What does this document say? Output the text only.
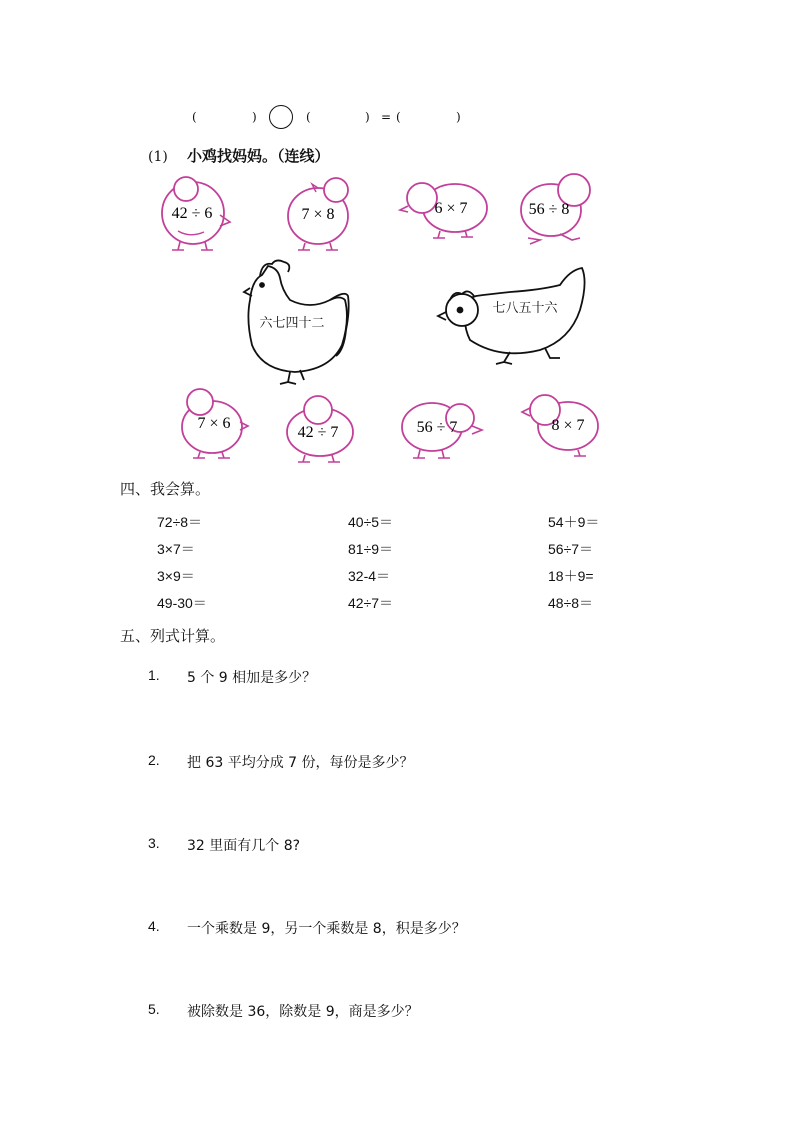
(	)	(	) = (	)
(1) 小鸡找妈妈。（连线）
42 ÷ 6	7 × 8	6 × 7	56 ÷ 8
六七四十二
七八五十六
7 × 6
42 ÷ 7	56 ÷ 7	8 × 7
四、我会算。
72÷8＝	40÷5＝	54＋9＝
3×7＝	81÷9＝	56÷7＝
3×9＝	32-4＝	18＋9=
49-30＝	42÷7＝	48÷8＝
五、列式计算。
1. 5 个 9 相加是多少？
2. 把 63 平均分成 7 份，每份是多少？
3. 32 里面有几个 8?
4. 一个乘数是 9，另一个乘数是 8，积是多少？
5. 被除数是 36，除数是 9，商是多少？
